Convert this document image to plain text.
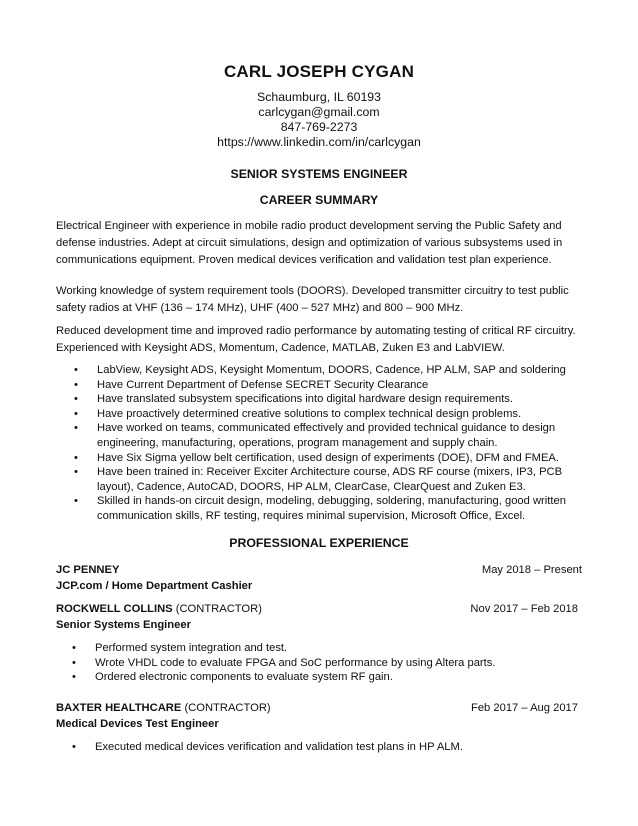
CARL JOSEPH CYGAN
Schaumburg, IL 60193
carlcygan@gmail.com
847-769-2273
https://www.linkedin.com/in/carlcygan
SENIOR SYSTEMS ENGINEER
CAREER SUMMARY
Electrical Engineer with experience in mobile radio product development serving the Public Safety and defense industries. Adept at circuit simulations, design and optimization of various subsystems used in communications equipment. Proven medical devices verification and validation test plan experience.
Working knowledge of system requirement tools (DOORS). Developed transmitter circuitry to test public safety radios at VHF (136 – 174 MHz), UHF (400 – 527 MHz) and 800 – 900 MHz.
Reduced development time and improved radio performance by automating testing of critical RF circuitry. Experienced with Keysight ADS, Momentum, Cadence, MATLAB, Zuken E3 and LabVIEW.
• LabView, Keysight ADS, Keysight Momentum, DOORS, Cadence, HP ALM, SAP and soldering
• Have Current Department of Defense SECRET Security Clearance
• Have translated subsystem specifications into digital hardware design requirements.
• Have proactively determined creative solutions to complex technical design problems.
• Have worked on teams, communicated effectively and provided technical guidance to design engineering, manufacturing, operations, program management and supply chain.
• Have Six Sigma yellow belt certification, used design of experiments (DOE), DFM and FMEA.
• Have been trained in: Receiver Exciter Architecture course, ADS RF course (mixers, IP3, PCB layout), Cadence, AutoCAD, DOORS, HP ALM, ClearCase, ClearQuest and Zuken E3.
• Skilled in hands-on circuit design, modeling, debugging, soldering, manufacturing, good written communication skills, RF testing, requires minimal supervision, Microsoft Office, Excel.
PROFESSIONAL EXPERIENCE
JC PENNEY	May 2018 – Present
JCP.com / Home Department Cashier
ROCKWELL COLLINS (CONTRACTOR)	Nov 2017 – Feb 2018
Senior Systems Engineer
• Performed system integration and test.
• Wrote VHDL code to evaluate FPGA and SoC performance by using Altera parts.
• Ordered electronic components to evaluate system RF gain.
BAXTER HEALTHCARE (CONTRACTOR)	Feb 2017 – Aug 2017
Medical Devices Test Engineer
• Executed medical devices verification and validation test plans in HP ALM.
